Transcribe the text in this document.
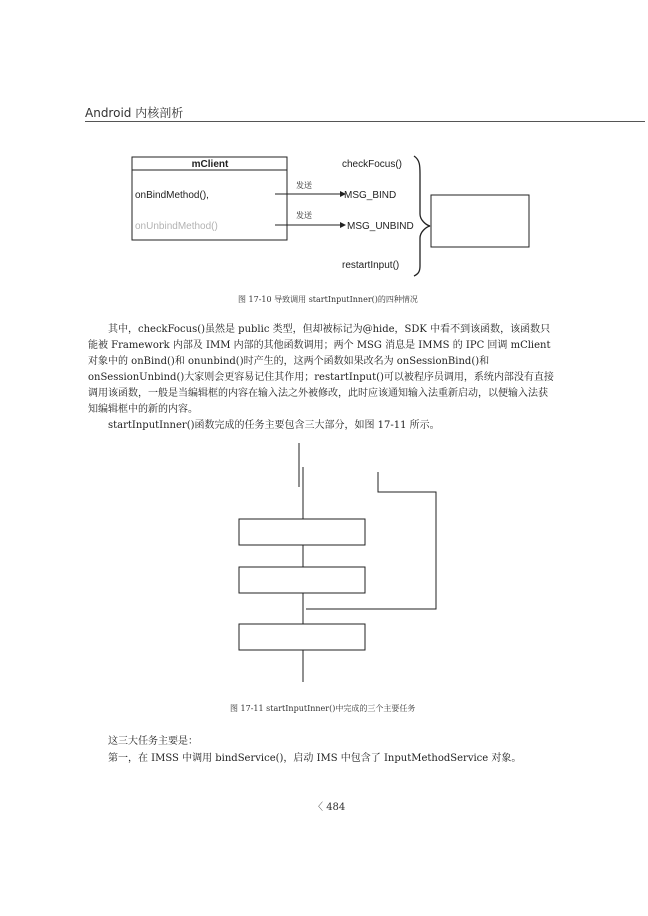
Android 内核剖析
mClient
onBindMethod(),
onUnbindMethod()
发送
发送
checkFocus()
MSG_BIND
MSG_UNBIND
restartInput()
图 17-10 导致调用 startInputInner()的四种情况

其中，checkFocus()虽然是 public 类型，但却被标记为@hide，SDK 中看不到该函数，该函数只能被 Framework 内部及 IMM 内部的其他函数调用；两个 MSG 消息是 IMMS 的 IPC 回调 mClient 对象中的 onBind()和 onunbind()时产生的，这两个函数如果改名为 onSessionBind()和 onSessionUnbind()大家则会更容易记住其作用；restartInput()可以被程序员调用，系统内部没有直接调用该函数，一般是当编辑框的内容在输入法之外被修改，此时应该通知输入法重新启动，以便输入法获知编辑框中的新的内容。

startInputInner()函数完成的任务主要包含三大部分，如图 17-11 所示。

图 17-11 startInputInner()中完成的三个主要任务
这三大任务主要是：
第一，在 IMSS 中调用 bindService()，启动 IMS 中包含了 InputMethodService 对象。
〈 484
